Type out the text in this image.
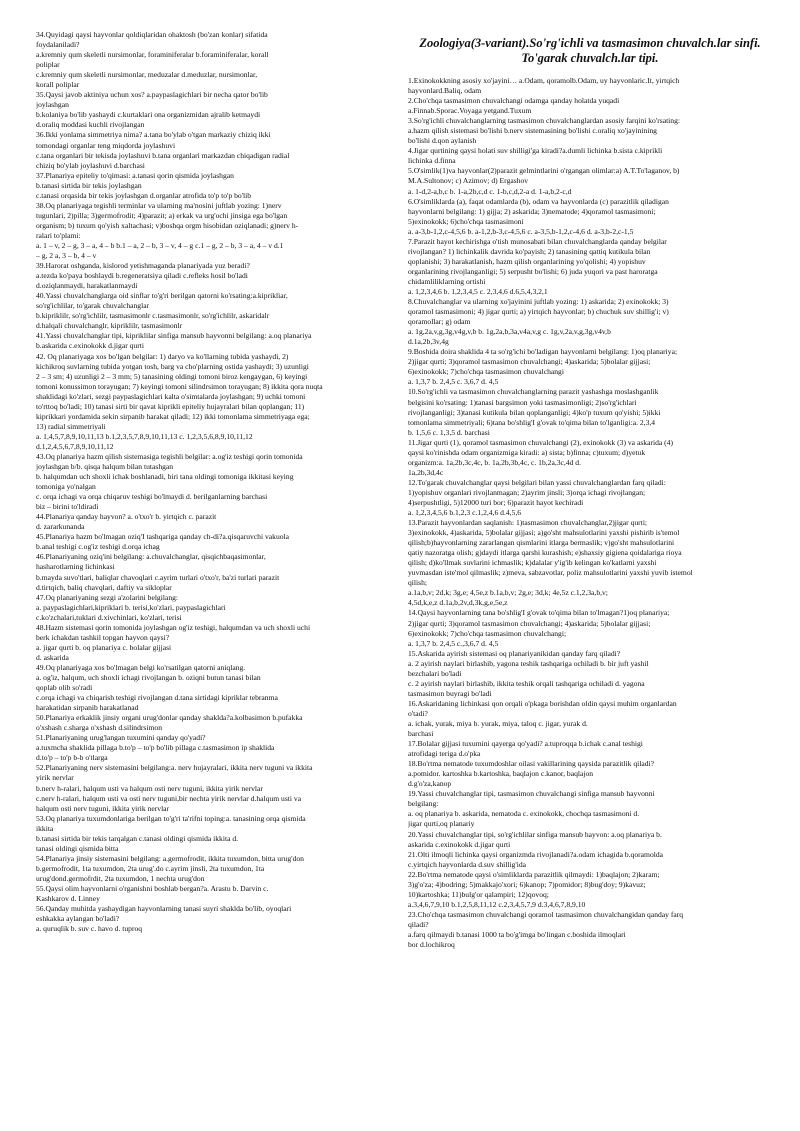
34.Quyidagi qaysi hayvonlar qoldiqlaridan ohaktosh (bo'zan konlar) sifatida
foydalaniladi?
a.kremniy qum skeletli nursimonlar, foraminiferalar b.foraminiferalar, korall
poliplar
c.kremniy qum skeletli nursimonlar, meduzalar d.meduzlar, nursimonlar,
korall poliplar
35.Qaysi javob aktiniya uchun xos? a.paypaslagichlari bir necha qator bo'lib
joylashgan
b.kolaniya bo'lib yashaydi c.kurtaklari ona organizmidan ajralib ketmaydi
d.oraliq moddasi kuchli rivojlangan
36.Ikki yonlama simmetriya nima? a.tana bo'ylab o'tgan markaziy chiziq ikki
tomondagi organlar teng miqdorda joylashuvi
c.tana organlari bir tekisda joylashuvi b.tana organlari markazdan chiqadigan radial
chiziq bo'ylab joylashuvi d.barchasi
37.Planariya epiteliy to'qimasi: a.tanasi qorin qismida joylashgan
b.tanasi sirtida bir tekis joylashgan
c.tanasi orqasida bir tekis joylashgan d.organlar atrofida to'p to'p bo'lib
38.Oq planariyaga tegishli terminlar va ularning ma'nosini juftlab yozing: 1)nerv
tugunlari, 2)pilla; 3)germofrodit; 4)parazit; a) erkak va urg'ochi jinsiga ega bo'lgan
organism; b) tuxum qo'yish xaltachasi; v)boshqa orgm hisobidan oziqlanadi; g)nerv h-
ralari to'plami:
a. 1 – v, 2 – g, 3 – a, 4 – b b.1 – a, 2 – b, 3 – v, 4 – g c.1 – g, 2 – b, 3 – a, 4 – v d.1
– g, 2 a, 3 – b, 4 – v
39.Harorat oshganda, kislorod yetishmaganda planariyada yuz beradi?
a.tezda ko'paya boshlaydi b.regeneratsiya qiladi c.refleks hosil bo'ladi
d.oziqlanmaydi, harakatlanmaydi
40.Yassi chuvalchanglarga oid sinflar to'g'ri berilgan qatorni ko'rsating:a.kiprikliar,
so'rg'ichlilar, to'garak chuvalchanglar
b.kipriklilr, so'rg'ichlilr, tasmasimonlr c.tasmasimonlr, so'rg'ichlilr, askaridalr
d.halqali chuvalchanglr, kipriklilr, tasmasimonlr
41.Yassi chuvalchanglar tipi, kipriklilar sinfiga mansub hayvonni belgilang: a.oq planariya
b.askarida c.exinokokk d.jigar qurti
42. Oq planariyaga xos bo'lgan belgilar: 1) daryo va ko'llarning tubida yashaydi, 2)
kichikroq suvlarning tubida yotgan tosh, barg va cho'plarning ostida yashaydi; 3) uzunligi
2 – 3 sm; 4) uzunligi 2 – 3 mm; 5) tanasining oldingi tomoni biroz kengaygan, 6) keyingi
tomoni konussimon torayugan; 7) keyingi tomoni silindrsimon torayugan; 8) ikkita qora nuqta
shaklidagi ko'zlari, sezgi paypaslagichlari kalta o'simtalarda joylashgan; 9) uchki tomoni
to'rttoq bo'ladi; 10) tanasi sirti bir qavat kiprikli epiteliy hujayralari bilan qoplangan; 11)
kiprikkari yordamida sekin sirpanib harakat qiladi; 12) ikki tomonlama simmetriyaga ega;
13) radial simmetriyali
a. 1,4,5,7,8,9,10,11,13 b.1,2,3,5,7,8,9,10,11,13 c. 1,2,3,5,6,8,9,10,11,12
d.1,2,4,5,6,7,8,9,10,11,12
43.Oq planariya hazm qilish sistemasiga tegishli belgilar: a.og'iz teshigi qorin tomonida
joylashgan b/b. qisqa halqum bilan tutashgan
b. halqumdan uch shoxli ichak boshlanadi, biri tana oldingi tomoniga ikkitasi keying
tomoniga yo'nalgan
c. orqa ichagi va orqa chiqaruv teshigi bo'lmaydi d. berilganlarning barchasi
biz – birini to'ldiradi
44.Planariya qanday hayvon? a. o'txo'r b. yirtqich c. parazit
d. zararkunanda
45.Planariya hazm bo'lmagan oziq'I tashqariga qanday ch-di?a.qisqaruvchi vakuola
b.anal teshigi c.og'iz teshigi d.orqa ichag
46.Planariyaning oziq'ini belgilang: a.chuvalchanglar, qisqichbaqasimonlar,
hasharotlarning lichinkasi
b.mayda suvo'tlari, baliqlar chavoqlari c.ayrim turlari o'txo'r, ba'zi turlari parazit
d.tirtqich, baliq chavqlari, daftiy va sikloplar
47.Oq planariyaning sezgi a'zolarini belgilang:
a. paypaslagichlari,kipriklari b. terisi,ko'zlari, paypaslagichlari
c.ko'zchalari,tuklari d.xivchinlari, ko'zlari, terisi
48.Hazm sistemasi qorin tomonida joylashgan og'iz teshigi, halqumdan va uch shoxli uchi
berk ichakdan tashkil topgan hayvon qaysi?
a. jigar qurti b. oq planariya c. bolalar gijjasi
d. askarida
49.Oq planariyaga xos bo'lmagan belgi ko'rsatilgan qatorni aniqlang.
a. og'iz, halqum, uch shoxli ichagi rivojlangan b. oziqni butun tanasi bilan
qoplab olib so'radi
c.orqa ichagi va chiqarish teshigi rivojlangan d.tana sirtidagi kipriklar tebranma
harakatidan sirpanib harakatlanad
50.Planariya erkaklik jinsiy organi urug'donlar qanday shaklda?a.kolbasimon b.pufakka
o'xshash c.sharga o'xshash d.silindrsimon
51.Planariyaning urug'langan tuxumini qanday qo'yadi?
a.tuxmcha shaklida pillaga b.to'p – to'p bo'lib pillaga c.tasmasimon ip shaklida
d.to'p – to'p b-b o'tlarga
52.Planariyaning nerv sistemasini belgilang:a. nerv hujayralari, ikkita nerv tuguni va ikkita
yirik nervlar
b.nerv h-ralari, halqum usti va halqum osti nerv tuguni, ikkita yirik nervlar
c.nerv h-ralari, halqum usti va osti nerv tuguni,bir nechta yirik nervlar d.halqum usti va
halqum osti nerv tuguni, ikkita yirik nervlar
53.Oq planariya tuxumdonlariga berilgan to'g'ri ta'rifni toping:a. tanasining orqa qismida
ikkita
b.tanasi sirtida bir tekis tarqalgan c.tanasi oldingi qismida ikkita d.
tanasi oldingi qismida bitta
54.Planariya jinsiy sistemasini belgilang: a.germofrodit, ikkita tuxumdon, bitta urug'don
b.germofrodit, 1ta tuxumdon, 2ta urug'.do c.ayrim jinsli, 2ta tuxumdon, 1ta
urug'dond.germofrdit, 2ta tuxumdon, 1 nechta urug'don
55.Qaysi olim hayvonlarni o'rganishni boshlab bergan?a. Arastu b. Darvin c.
Kashkarov d. Linney
56.Qanday muhitda yashaydigan hayvonlarning tanasi suyri shaklda bo'lib, oyoqlari
eshkakka aylangan bo'ladi?
a. quruqlik b. suv c. havo d. tuproq
Zoologiya(3-variant).So'rg'ichli va tasmasimon chuvalch.lar sinfi.
To'garak chuvalch.lar tipi.
1.Exinokokkning asosiy xo'jayini… a.Odam, qoramolb.Odam, uy hayvonlaric.It, yirtqich
hayvonlard.Baliq, odam
2.Cho'chqa tasmasimon chuvalchangi odamga qanday holatda yuqadi
a.Finnab.Sporac.Voyaga yetgand.Tuxum
3.So'rg'ichli chuvalchanglarning tasmasimon chuvalchanglardan asosiy farqini ko'rsating:
a.hazm qilish sistemasi bo'lishi b.nerv sistemasining bo'lishi c.oraliq xo'jayinining
bo'lishi d.qon aylanish
4.Jigar qurtining qaysi holati suv shilligi'ga kiradi?a.dumli lichinka b.sista c.kiprikli
lichinka d.finna
5.O'simlik(1)va hayvonlar(2)parazit gelmintlarini o'rgangan olimlar:a) A.T.To'laganov, b)
M.A.Sultonov; c) Azimov; d) Ergashov
a. 1-d,2-a,b,c b. 1-a,2b,c,d c. 1-b,c,d,2-a d. 1-a,b,2-c,d
6.O'simliklarda (a), faqat odamlarda (b), odam va hayvonlarda (c) parazitlik qiladigan
hayvonlarni belgilang: 1) gijja; 2) askarida; 3)nematode; 4)qoramol tasmasimoni;
5)exinokokk; 6)cho'chqa tasmasimoni
a. a-3,b-1,2,c-4,5,6 b. a-1,2,b-3,c-4,5,6 c. a-3,5,b-1,2,c-4,6 d. a-3,b-2,c-1,5
7.Parazit hayot kechirishga o'tish munosabati bilan chuvalchanglarda qanday belgilar
rivojlangan? 1) lichinkalik davrida ko'payish; 2) tanasining qattiq kutikula bilan
qoplanishi; 3) harakatlanish, hazm qilish organlarining yo'qolishi; 4) yopishuv
organlarining rivojlanganligi; 5) serpusht bo'lishi; 6) juda yuqori va past haroratga
chidamliliklarning ortishi
a. 1,2,3,4,6 b. 1,2,3,4,5 c. 2,3,4,6 d.6,5,4,3,2,1
8.Chuvalchanglar va ularning xo'jayinini juftlab yozing: 1) askarida; 2) exinokokk; 3)
qoramol tasmasimoni; 4) jigar qurti; a) yirtqich hayvonlar; b) chuchuk suv shillig'i; v)
qoramollar; g) odam
a. 1g,2a,v,g,3g,v4g,v,b b. 1g,2a,b,3a,v4a,v,g c. 1g,v,2a,v,g,3g,v4v,b
d.1a,2b,3v,4g
9.Boshida doira shaklida 4 ta so'rg'ichi bo'ladigan hayvonlarni belgilang: 1)oq planariya;
2)jigar qurti; 3)qoramol tasmasimon chuvalchangi; 4)askarida; 5)bolalar gijjasi;
6)exinokokk; 7)cho'chqa tasmasimon chuvalchangi
a. 1,3,7 b. 2,4,5 c. 3,6,7 d. 4,5
10.So'rg'ichli va tasmasimon chuvalchanglarning parazit yashashga moslashganlik
belgisini ko'rsating: 1)tanasi bargsimon yoki tasmasimonligi; 2)so'rg'ichlari
rivojlanganligi; 3)tanasi kutikula bilan qoplanganligi; 4)ko'p tuxum qo'yishi; 5)ikki
tomonlama simmetriyali; 6)tana bo'shlig'I g'ovak to'qima bilan to'lganligi:a. 2,3,4
b. 1,5,6 c. 1,3,5 d. barchasi
11.Jigar qurti (1), qoramol tasmasimon chuvalchangi (2), exinokokk (3) va askarida (4)
qaysi ko'rinishda odam organizmiga kiradi: a) sista; b)finna; c)tuxum; d)yetuk
organizm:a. 1a,2b,3c,4c, b. 1a,2b,3b,4c, c. 1b,2a,3c,4d d.
1a,2b,3d,4c
12.To'garak chuvalchanglar qaysi belgilari bilan yassi chuvalchanglardan farq qiladi:
1)yopishuv organlari rivojlanmagan; 2)ayrim jinsli; 3)orqa ichagi rivojlangan;
4)serpushtligi, 5)12000 turi bor; 6)parazit hayot kechiradi
a. 1,2,3,4,5,6 b.1,2,3 c.1,2,4,6 d.4,5,6
13.Parazit hayvonlardan saqlanish: 1)tasmasimon chuvalchanglar,2)jigar qurti;
3)exinokokk, 4)askarida, 5)bolalar gijjasi; a)go'sht mahsulotlarini yaxshi pishirib is'temol
qilish;b)hayvonlarning zararlangan qismlarini itlarga bermaslik; v)go'sht mahsulotlarini
qatiy nazoratga olish; g)daydi itlarga qarshi kurashish; e)shaxsiy gigiena qoidalariga rioya
qilish; d)ko'llmak suvlarini ichmaslik; k)dalalar y'ig'ib kelingan ko'katlarni yaxshi
yuvmasdan iste'mol qilmaslik; z)meva, sabzavotlar, poliz mahsulotlarini yaxshi yuvib istemol
qilish;
a.1a,b,v; 2d,k; 3g,e; 4,5e,z b.1a,b,v; 2g,e; 3d,k; 4e,5z c.1,2,3a,b,v;
4,5d,k,e,z d.1a,b,2v,d,3k,g,e,5e,z
14.Qaysi hayvonlarning tana bo'shlig'I g'ovak to'qima bilan to'lmagan?1)oq planariya;
2)jigar qurti; 3)qoramol tasmasimon chuvalchangi; 4)askarida; 5)bolalar gijjasi;
6)exinokokk; 7)cho'chqa tasmasimon chuvalchangi;
a. 1,3,7 b. 2,4,5 c.,3,6,7 d. 4,5
15.Askarida ayirish sistemasi oq planariyanikidan qanday farq qiladi?
a. 2 ayirish naylari birlashib, yagona teshik tashqariga ochiladi b. bir juft yashil
bezchalari bo'ladi
c. 2 ayirish naylari birlashib, ikkita teshik orqali tashqariga ochiladi d. yagona
tasmasimon buyragi bo'ladi
16.Askaridaning lichinkasi qon orqali o'pkaga borishdan oldin qaysi muhim organlardan
o'tadi?
a. ichak, yurak, miya b. yurak, miya, taloq c. jigar, yurak d.
barchasi
17.Bolalar gijjasi tuxumini qayerga qo'yadi? a.tuproqqa b.ichak c.anal teshigi
atrofidagi teriga d.o'pka
18.Bo'rtma nematode tuxumdoshlar oilasi vakillarining qaysida parazitlik qiladi?
a.pomidor. kartoshka b.kartoshka, baqlajon c.kanor, baqlajon
d.g'o'za,kanop
19.Yassi chuvalchanglar tipi, tasmasimon chuvalchangi sinfiga mansub hayvonni
belgilang:
a. oq planariya b. askarida, nematoda c. exinokokk, chochqa tasmasimoni d.
jigar qurti,oq planariy
20.Yassi chuvalchanglar tipi, so'rg'ichlilar sinfiga mansub hayvon: a.oq planariya b.
askarida c.exinokokk d.jigar qurti
21.Olti ilmoqli lichinka qaysi organizmda rivojlanadi?a.odam ichagida b.qoramolda
c.yirtqich hayvonlarda d.suv shillig'ida
22.Bo'rtma nematode qaysi o'simliklarda parazitlik qilmaydi: 1)baqlajon; 2)karam;
3)g'o'za; 4)bodring; 5)makkajo'xori; 6)kanop; 7)pomidor; 8)bug'doy; 9)kavuz;
10)kartoshka; 11)bulg'or qalampiri; 12)qovoq;
a.3,4,6,7,9,10 b.1,2,5,8,11,12 c.2,3,4,5,7,9 d.3,4,6,7,8,9,10
23.Cho'chqa tasmasimon chuvalchangi qoramol tasmasimon chuvalchangidan qanday farq
qiladi?
a.farq qilmaydi b.tanasi 1000 ta bo'g'imga bo'lingan c.boshida ilmoqlari
bor d.lochikroq
